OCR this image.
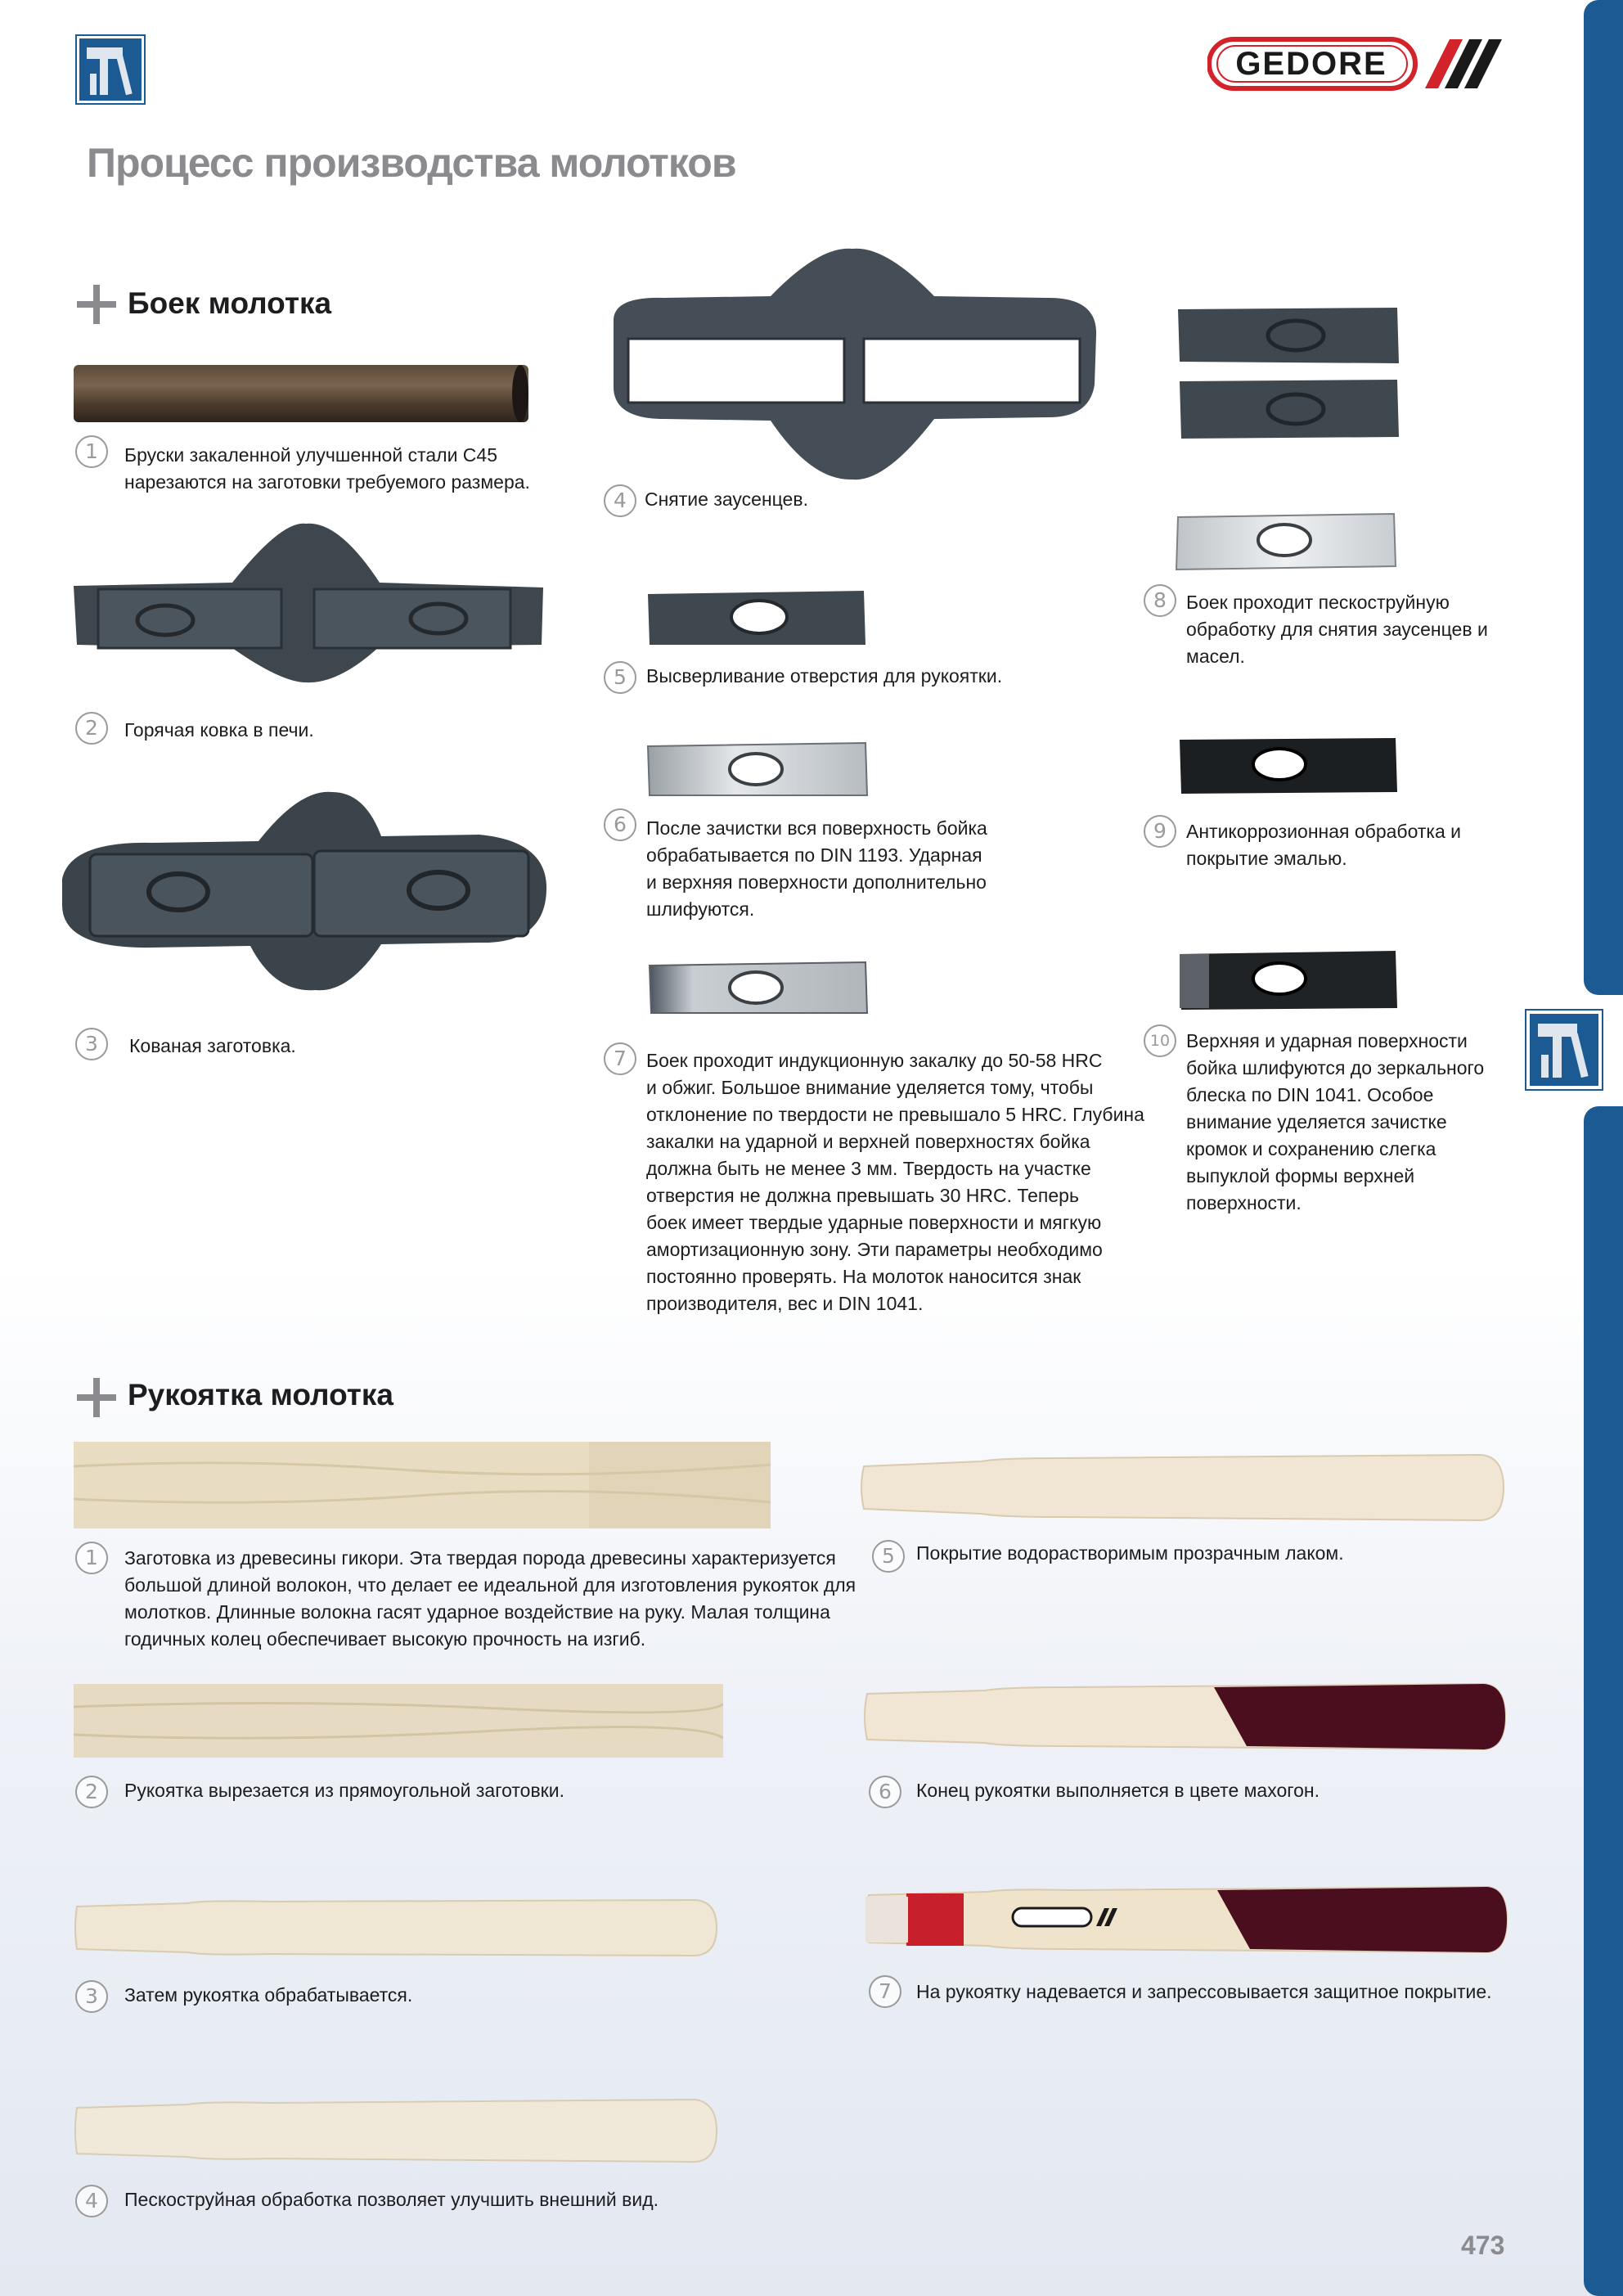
GEDORE
Процесс производства молотков
Боек молотка
1	Бруски закаленной улучшенной стали С45
нарезаются на заготовки требуемого размера.
2	Горячая ковка в печи.
3	Кованая заготовка.
4 Снятие заусенцев.
5	Высверливание отверстия для рукоятки.
6	После зачистки вся поверхность бойка
обрабатывается по DIN 1193. Ударная
и верхняя поверхности дополнительно
шлифуются.
7	Боек проходит индукционную закалку до 50-58 HRC
и обжиг. Большое внимание уделяется тому, чтобы
отклонение по твердости не превышало 5 HRC. Глубина
закалки на ударной и верхней поверхностях бойка
должна быть не менее 3 мм. Твердость на участке
отверстия не должна превышать 30 HRC. Теперь
боек имеет твердые ударные поверхности и мягкую
амортизационную зону. Эти параметры необходимо
постоянно проверять. На молоток наносится знак
производителя, вес и DIN 1041.
8	Боек проходит пескоструйную
обработку для снятия заусенцев и
масел.
9	Антикоррозионная обработка и
покрытие эмалью.
10 Верхняя и ударная поверхности
бойка шлифуются до зеркального
блеска по DIN 1041. Особое
внимание уделяется зачистке
кромок и сохранению слегка
выпуклой формы верхней
поверхности.
Рукоятка молотка
1	Заготовка из древесины гикори. Эта твердая порода древесины характеризуется
большой длиной волокон, что делает ее идеальной для изготовления рукояток для
молотков. Длинные волокна гасят ударное воздействие на руку. Малая толщина
годичных колец обеспечивает высокую прочность на изгиб.
2	Рукоятка вырезается из прямоугольной заготовки.
3	Затем рукоятка обрабатывается.
4	Пескоструйная обработка позволяет улучшить внешний вид.
5	Покрытие водорастворимым прозрачным лаком.
6	Конец рукоятки выполняется в цвете махогон.
7	На рукоятку надевается и запрессовывается защитное покрытие.
473
